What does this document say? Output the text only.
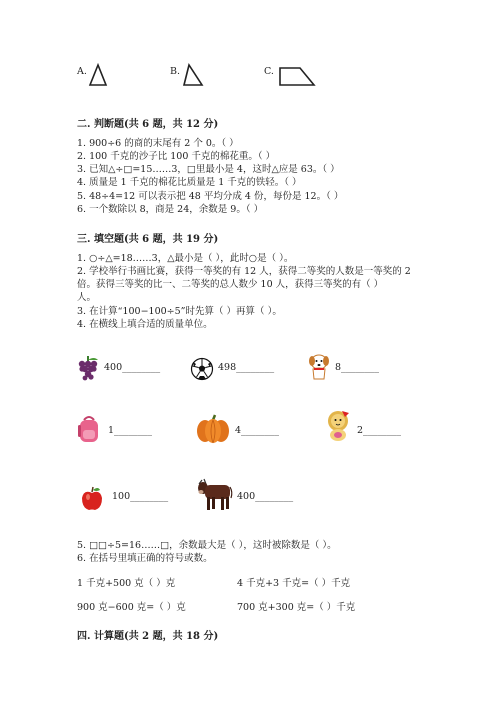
A.	B.	C.
二. 判断题(共 6 题，共 12 分)
1. 900÷6 的商的末尾有 2 个 0。（ ）
2. 100 千克的沙子比 100 千克的棉花重。（ ）
3. 已知△÷□=15……3，□里最小是 4，这时△应是 63。（ ）
4. 质量是 1 千克的棉花比质量是 1 千克的铁轻。（ ）
5. 48÷4=12 可以表示把 48 平均分成 4 份，每份是 12。（ ）
6. 一个数除以 8，商是 24，余数是 9。（ ）
三. 填空题(共 6 题，共 19 分)
1. ○÷△=18……3，△最小是（ ），此时○是（ ）。
2. 学校举行书画比赛，获得一等奖的有 12 人，获得二等奖的人数是一等奖的 2
倍。获得三等奖的比一、二等奖的总人数少 10 人，获得三等奖的有（ ）
人。
3. 在计算“100−100÷5”时先算（ ）再算（ ）。
4. 在横线上填合适的质量单位。
400________	498________	8________
1________	4________	2________
100________	400________
5. □□÷5=16……□，余数最大是（ ），这时被除数是（ ）。
6. 在括号里填正确的符号或数。
1 千克+500 克（ ）克	4 千克+3 千克=（ ）千克
900 克−600 克=（ ）克	700 克+300 克=（ ）千克
四. 计算题(共 2 题，共 18 分)
